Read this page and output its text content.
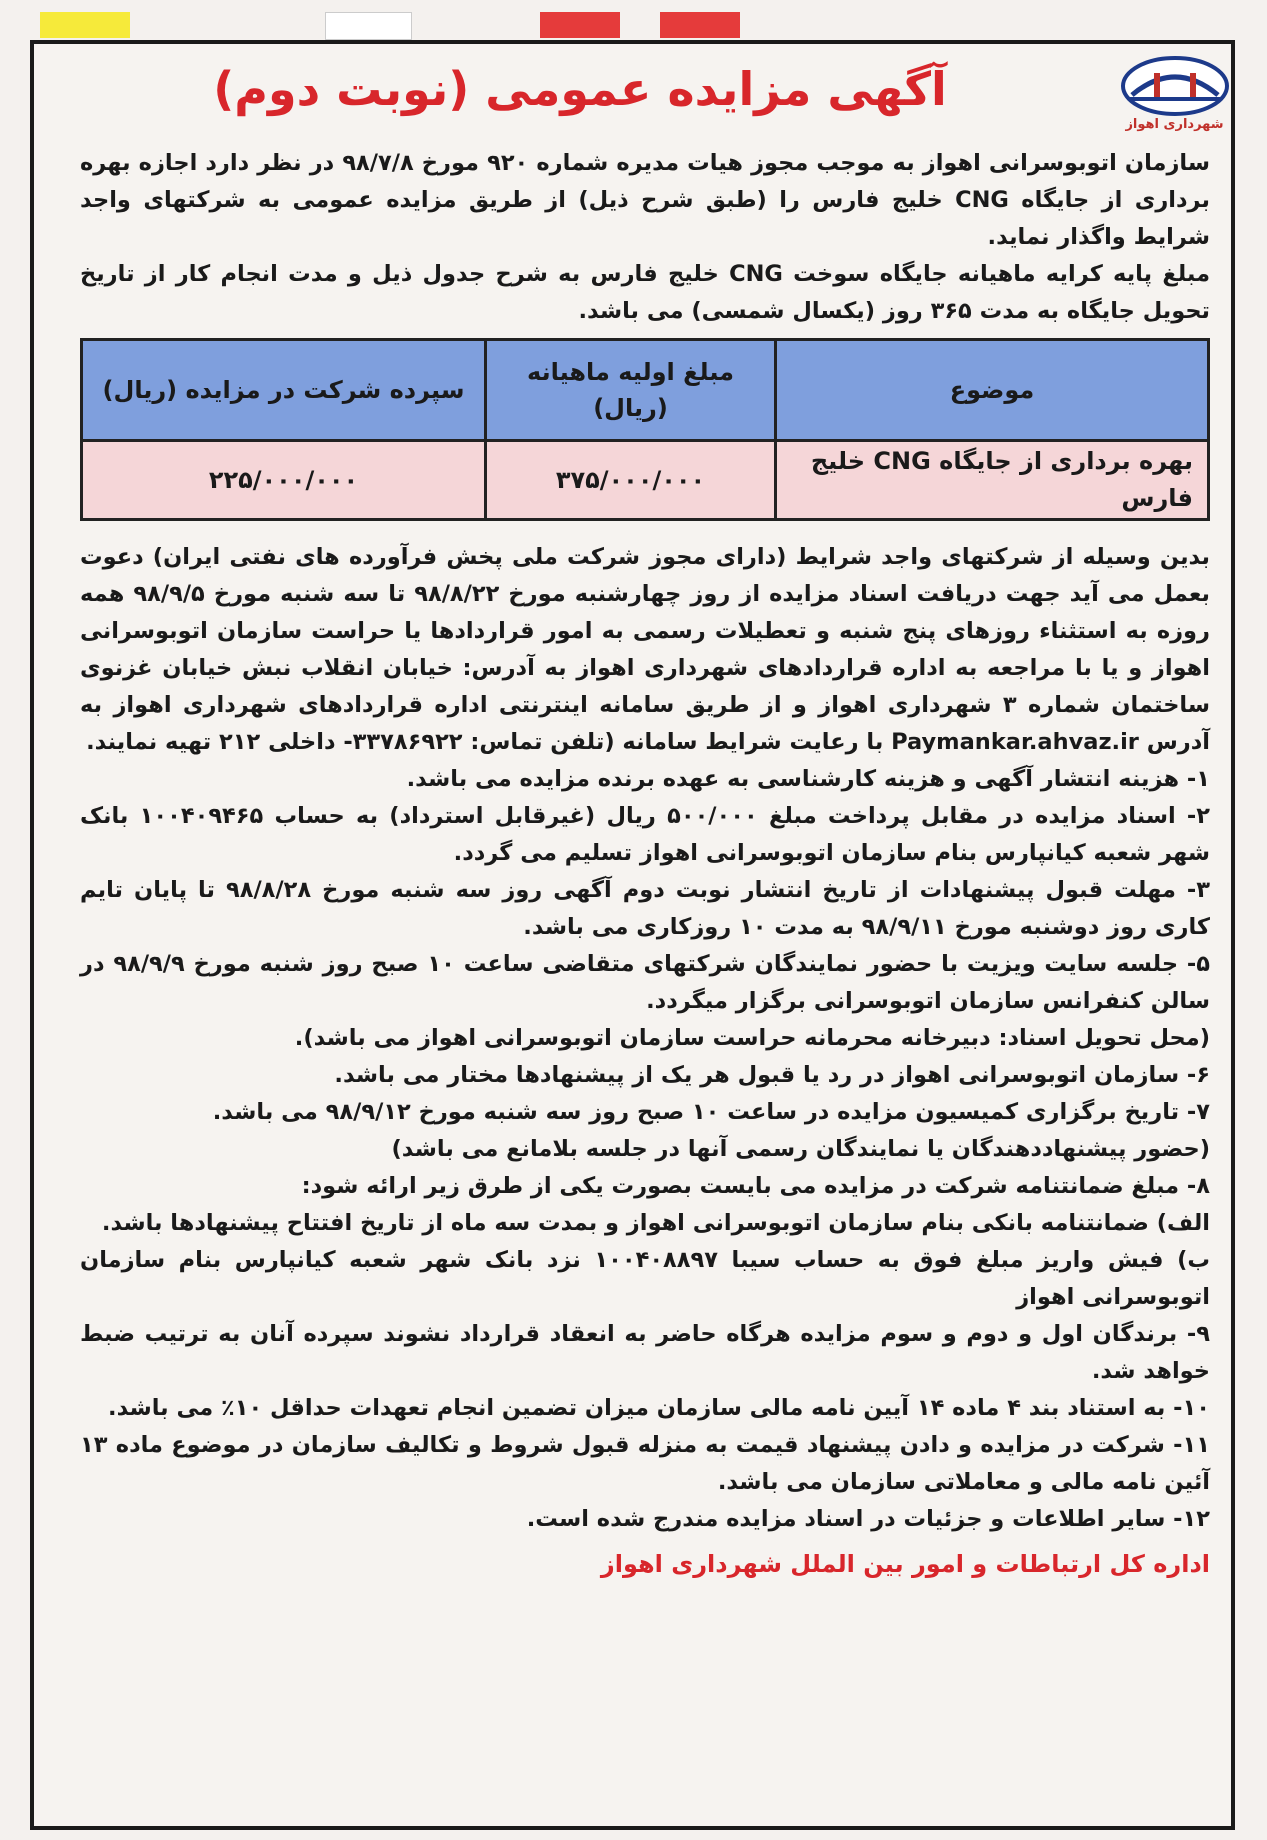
شهرداری اهواز
آگهی مزایده عمومی (نوبت دوم)

سازمان اتوبوسرانی اهواز به موجب مجوز هیات مدیره شماره ۹۲۰ مورخ ۹۸/۷/۸ در نظر دارد اجازه بهره برداری از جایگاه CNG خلیج فارس را (طبق شرح ذیل) از طریق مزایده عمومی به شرکتهای واجد شرایط واگذار نماید.

مبلغ پایه کرایه ماهیانه جایگاه سوخت CNG خلیج فارس به شرح جدول ذیل و مدت انجام کار از تاریخ تحویل جایگاه به مدت ۳۶۵ روز (یکسال شمسی) می باشد.

موضوع	مبلغ اولیه ماهیانه (ریال)	سپرده شرکت در مزایده (ریال)
بهره برداری از جایگاه CNG خلیج فارس	۳۷۵/۰۰۰/۰۰۰	۲۲۵/۰۰۰/۰۰۰

بدین وسیله از شرکتهای واجد شرایط (دارای مجوز شرکت ملی پخش فرآورده های نفتی ایران) دعوت بعمل می آید جهت دریافت اسناد مزایده از روز چهارشنبه مورخ ۹۸/۸/۲۲ تا سه شنبه مورخ ۹۸/۹/۵ همه روزه به استثناء روزهای پنج شنبه و تعطیلات رسمی به امور قراردادها یا حراست سازمان اتوبوسرانی اهواز و یا با مراجعه به اداره قراردادهای شهرداری اهواز به آدرس: خیابان انقلاب نبش خیابان غزنوی ساختمان شماره ۳ شهرداری اهواز و از طریق سامانه اینترنتی اداره قراردادهای شهرداری اهواز به آدرس Paymankar.ahvaz.ir با رعایت شرایط سامانه (تلفن تماس: ۳۳۷۸۶۹۲۲- داخلی ۲۱۲ تهیه نمایند.

۱- هزینه انتشار آگهی و هزینه کارشناسی به عهده برنده مزایده می باشد.

۲- اسناد مزایده در مقابل پرداخت مبلغ ۵۰۰/۰۰۰ ریال (غیرقابل استرداد) به حساب ۱۰۰۴۰۹۴۶۵ بانک شهر شعبه کیانپارس بنام سازمان اتوبوسرانی اهواز تسلیم می گردد.

۳- مهلت قبول پیشنهادات از تاریخ انتشار نوبت دوم آگهی روز سه شنبه مورخ ۹۸/۸/۲۸ تا پایان تایم کاری روز دوشنبه مورخ ۹۸/۹/۱۱ به مدت ۱۰ روزکاری می باشد.

۵- جلسه سایت ویزیت با حضور نمایندگان شرکتهای متقاضی ساعت ۱۰ صبح روز شنبه مورخ ۹۸/۹/۹ در سالن کنفرانس سازمان اتوبوسرانی برگزار میگردد.

(محل تحویل اسناد: دبیرخانه محرمانه حراست سازمان اتوبوسرانی اهواز می باشد).

۶- سازمان اتوبوسرانی اهواز در رد یا قبول هر یک از پیشنهادها مختار می باشد.

۷- تاریخ برگزاری کمیسیون مزایده در ساعت ۱۰ صبح روز سه شنبه مورخ ۹۸/۹/۱۲ می باشد.

(حضور پیشنهاددهندگان یا نمایندگان رسمی آنها در جلسه بلامانع می باشد)

۸- مبلغ ضمانتنامه شرکت در مزایده می بایست بصورت یکی از طرق زیر ارائه شود:

الف) ضمانتنامه بانکی بنام سازمان اتوبوسرانی اهواز و بمدت سه ماه از تاریخ افتتاح پیشنهادها باشد.

ب) فیش واریز مبلغ فوق به حساب سیبا ۱۰۰۴۰۸۸۹۷ نزد بانک شهر شعبه کیانپارس بنام سازمان اتوبوسرانی اهواز

۹- برندگان اول و دوم و سوم مزایده هرگاه حاضر به انعقاد قرارداد نشوند سپرده آنان به ترتیب ضبط خواهد شد.

۱۰- به استناد بند ۴ ماده ۱۴ آیین نامه مالی سازمان میزان تضمین انجام تعهدات حداقل ۱۰٪ می باشد.

۱۱- شرکت در مزایده و دادن پیشنهاد قیمت به منزله قبول شروط و تکالیف سازمان در موضوع ماده ۱۳ آئین نامه مالی و معاملاتی سازمان می باشد.

۱۲- سایر اطلاعات و جزئیات در اسناد مزایده مندرج شده است.

اداره کل ارتباطات و امور بین الملل شهرداری اهواز
